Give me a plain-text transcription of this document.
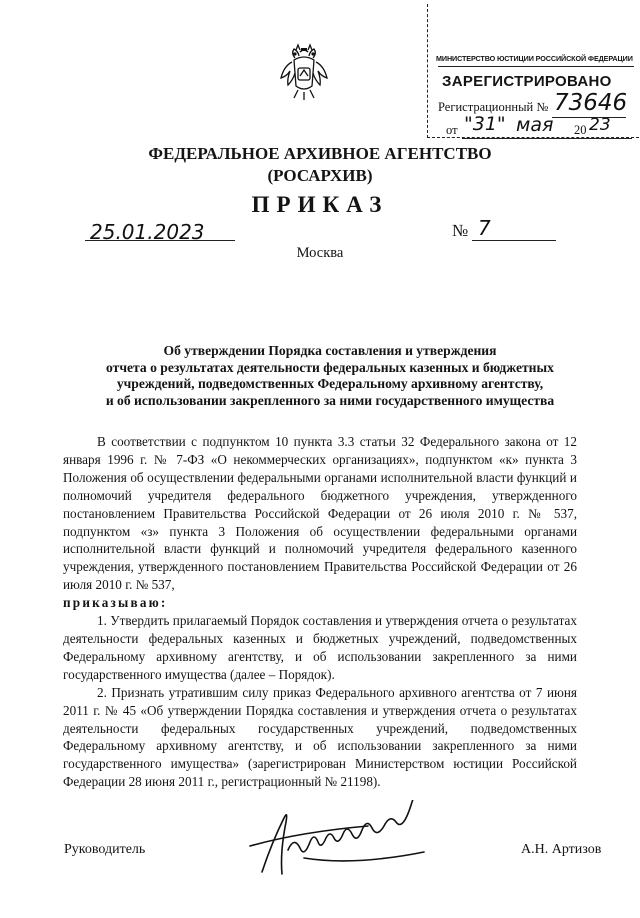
МИНИСТЕРСТВО ЮСТИЦИИ РОССИЙСКОЙ ФЕДЕРАЦИИ
ЗАРЕГИСТРИРОВАНО
Регистрационный № 73646
от "31" мая 20 23
ФЕДЕРАЛЬНОЕ АРХИВНОЕ АГЕНТСТВО
(РОСАРХИВ)
ПРИКАЗ
25.01.2023	№ 7
Москва
Об утверждении Порядка составления и утверждения
отчета о результатах деятельности федеральных казенных и бюджетных
учреждений, подведомственных Федеральному архивному агентству,
и об использовании закрепленного за ними государственного имущества

В соответствии с подпунктом 10 пункта 3.3 статьи 32 Федерального закона от 12 января 1996 г. № 7-ФЗ «О некоммерческих организациях», подпунктом «к» пункта 3 Положения об осуществлении федеральными органами исполнительной власти функций и полномочий учредителя федерального бюджетного учреждения, утвержденного постановлением Правительства Российской Федерации от 26 июля 2010 г. № 537, подпунктом «з» пункта 3 Положения об осуществлении федеральными органами исполнительной власти функций и полномочий учредителя федерального казенного учреждения, утвержденного постановлением Правительства Российской Федерации от 26 июля 2010 г. № 537,

приказываю:

1. Утвердить прилагаемый Порядок составления и утверждения отчета о результатах деятельности федеральных казенных и бюджетных учреждений, подведомственных Федеральному архивному агентству, и об использовании закрепленного за ними государственного имущества (далее – Порядок).

2. Признать утратившим силу приказ Федерального архивного агентства от 7 июня 2011 г. № 45 «Об утверждении Порядка составления и утверждения отчета о результатах деятельности федеральных государственных учреждений, подведомственных Федеральному архивному агентству, и об использовании закрепленного за ними государственного имущества» (зарегистрирован Министерством юстиции Российской Федерации 28 июня 2011 г., регистрационный № 21198).

Руководитель	А.Н. Артизов
